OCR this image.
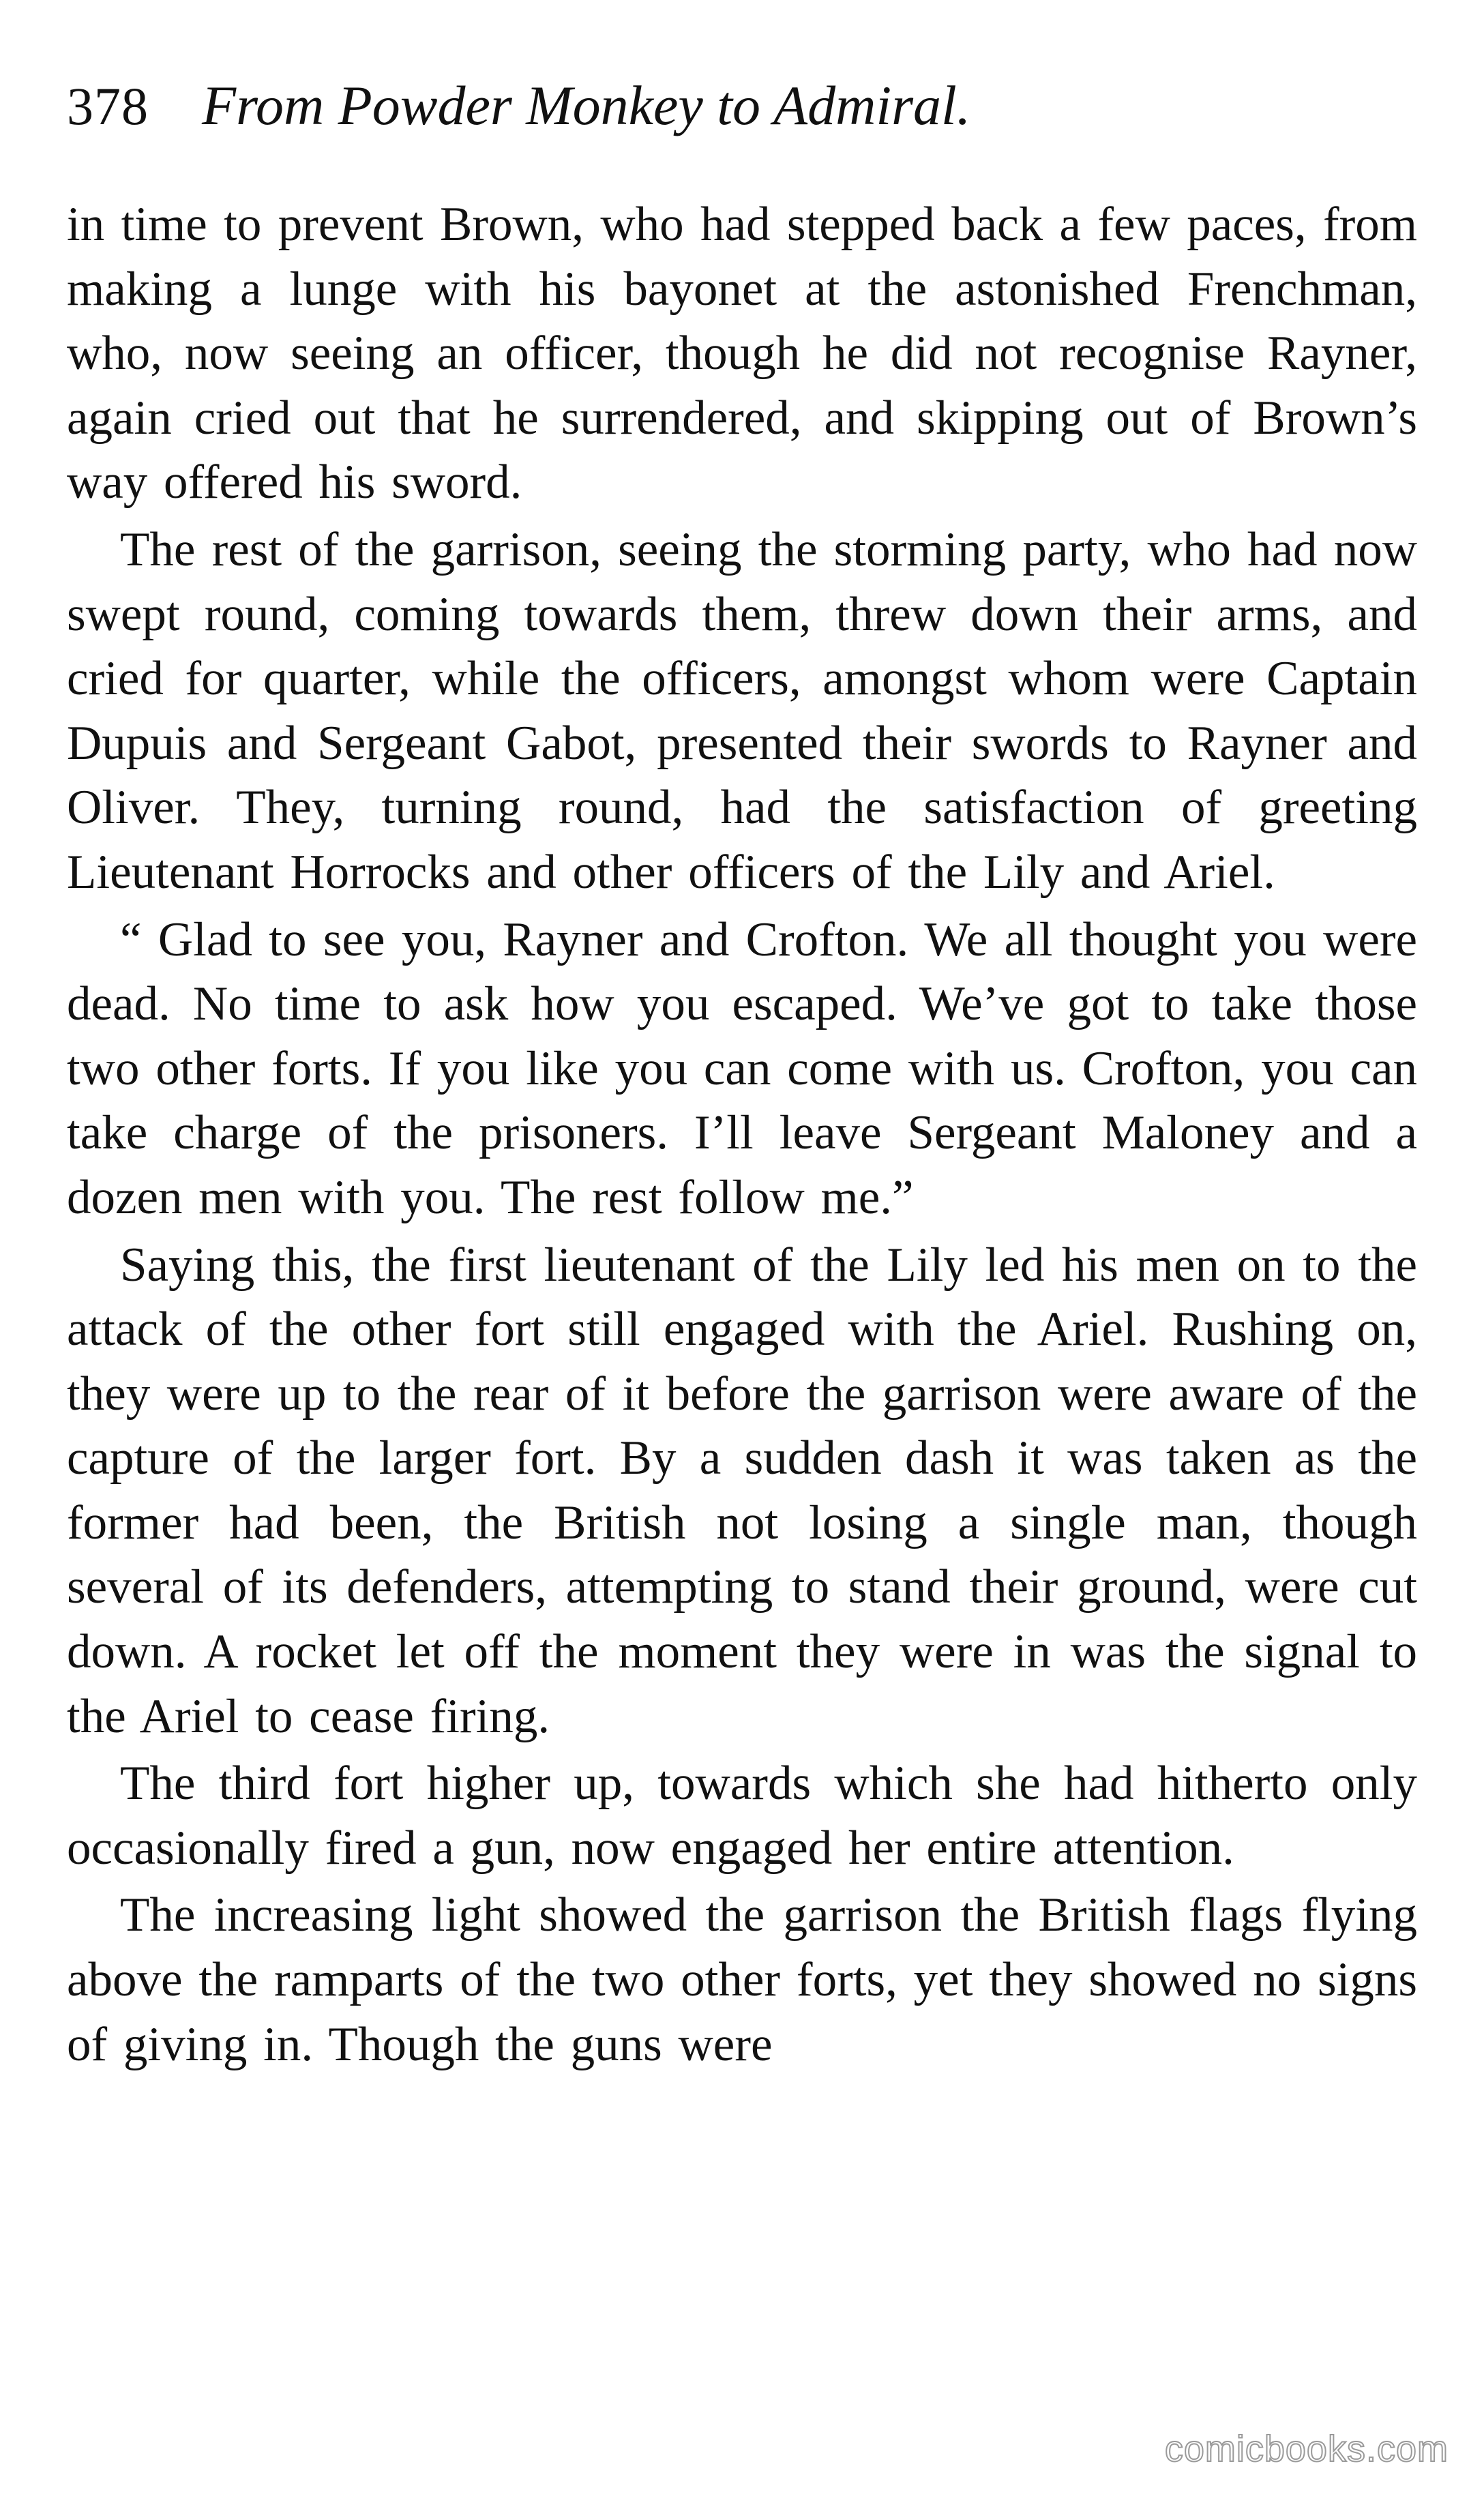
378 From Powder Monkey to Admiral.

in time to prevent Brown, who had stepped back a few paces, from making a lunge with his bayonet at the astonished Frenchman, who, now seeing an officer, though he did not recognise Rayner, again cried out that he surrendered, and skipping out of Brown’s way offered his sword.

The rest of the garrison, seeing the storming party, who had now swept round, coming towards them, threw down their arms, and cried for quarter, while the officers, amongst whom were Captain Dupuis and Sergeant Gabot, presented their swords to Rayner and Oliver. They, turning round, had the satisfaction of greeting Lieutenant Horrocks and other officers of the Lily and Ariel.

“ Glad to see you, Rayner and Crofton. We all thought you were dead. No time to ask how you escaped. We’ve got to take those two other forts. If you like you can come with us. Crofton, you can take charge of the prisoners. I’ll leave Sergeant Maloney and a dozen men with you. The rest follow me.”

Saying this, the first lieutenant of the Lily led his men on to the attack of the other fort still engaged with the Ariel. Rushing on, they were up to the rear of it before the garrison were aware of the capture of the larger fort. By a sudden dash it was taken as the former had been, the British not losing a single man, though several of its defenders, attempting to stand their ground, were cut down. A rocket let off the moment they were in was the signal to the Ariel to cease firing.

The third fort higher up, towards which she had hitherto only occasionally fired a gun, now engaged her entire attention.

The increasing light showed the garrison the British flags flying above the ramparts of the two other forts, yet they showed no signs of giving in. Though the guns were

comicbooks.com
